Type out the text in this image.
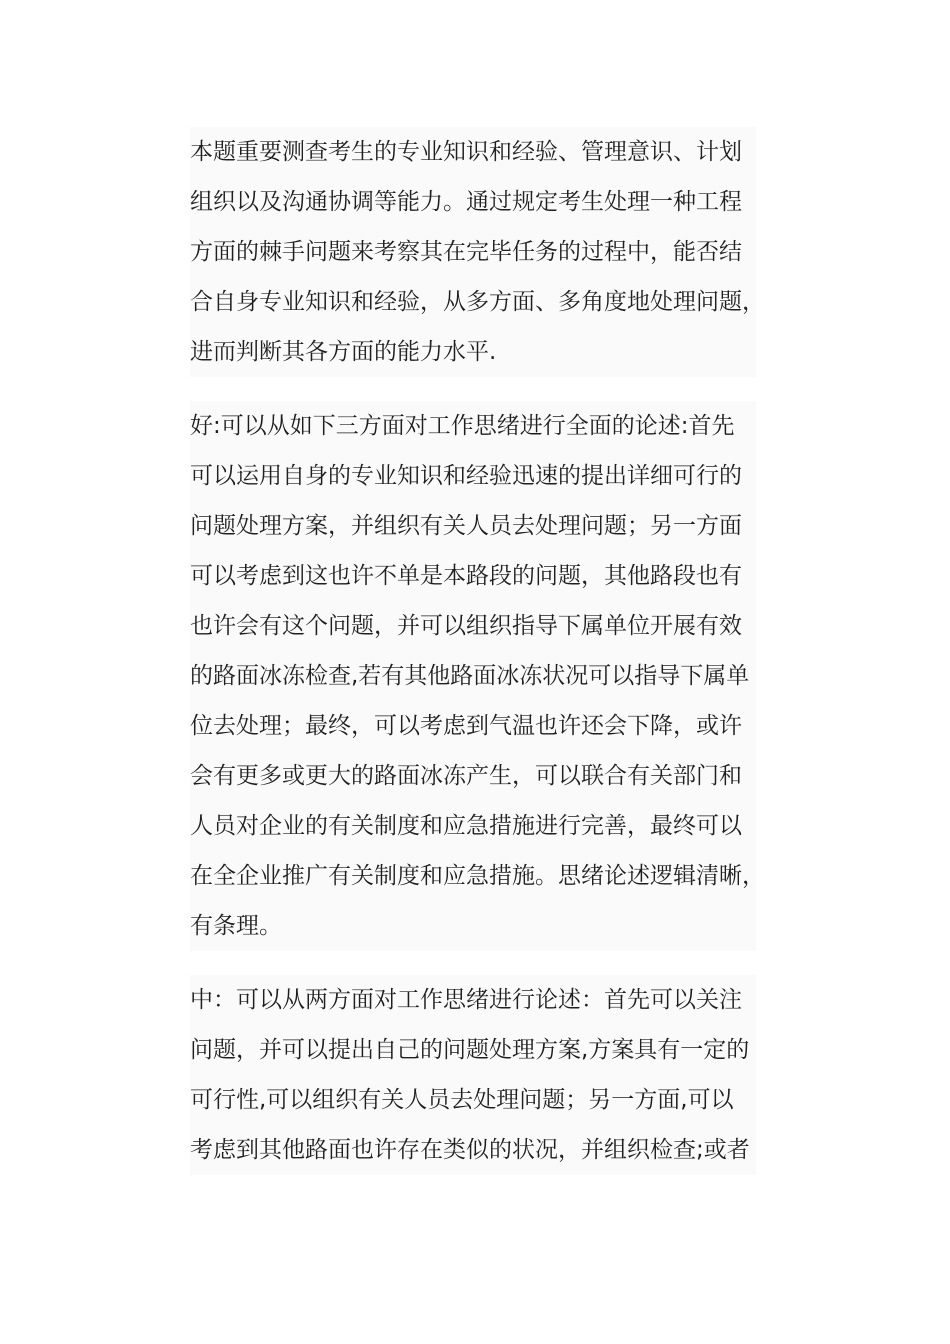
本题重要测查考生的专业知识和经验、管理意识、计划
组织以及沟通协调等能力。通过规定考生处理一种工程
方面的棘手问题来考察其在完毕任务的过程中，能否结
合自身专业知识和经验，从多方面、多角度地处理问题，
进而判断其各方面的能力水平.
好:可以从如下三方面对工作思绪进行全面的论述:首先
可以运用自身的专业知识和经验迅速的提出详细可行的
问题处理方案，并组织有关人员去处理问题；另一方面
可以考虑到这也许不单是本路段的问题，其他路段也有
也许会有这个问题，并可以组织指导下属单位开展有效
的路面冰冻检查,若有其他路面冰冻状况可以指导下属单
位去处理；最终，可以考虑到气温也许还会下降，或许
会有更多或更大的路面冰冻产生，可以联合有关部门和
人员对企业的有关制度和应急措施进行完善，最终可以
在全企业推广有关制度和应急措施。思绪论述逻辑清晰，
有条理。
中：可以从两方面对工作思绪进行论述：首先可以关注
问题，并可以提出自己的问题处理方案,方案具有一定的
可行性,可以组织有关人员去处理问题；另一方面,可以
考虑到其他路面也许存在类似的状况，并组织检查;或者
